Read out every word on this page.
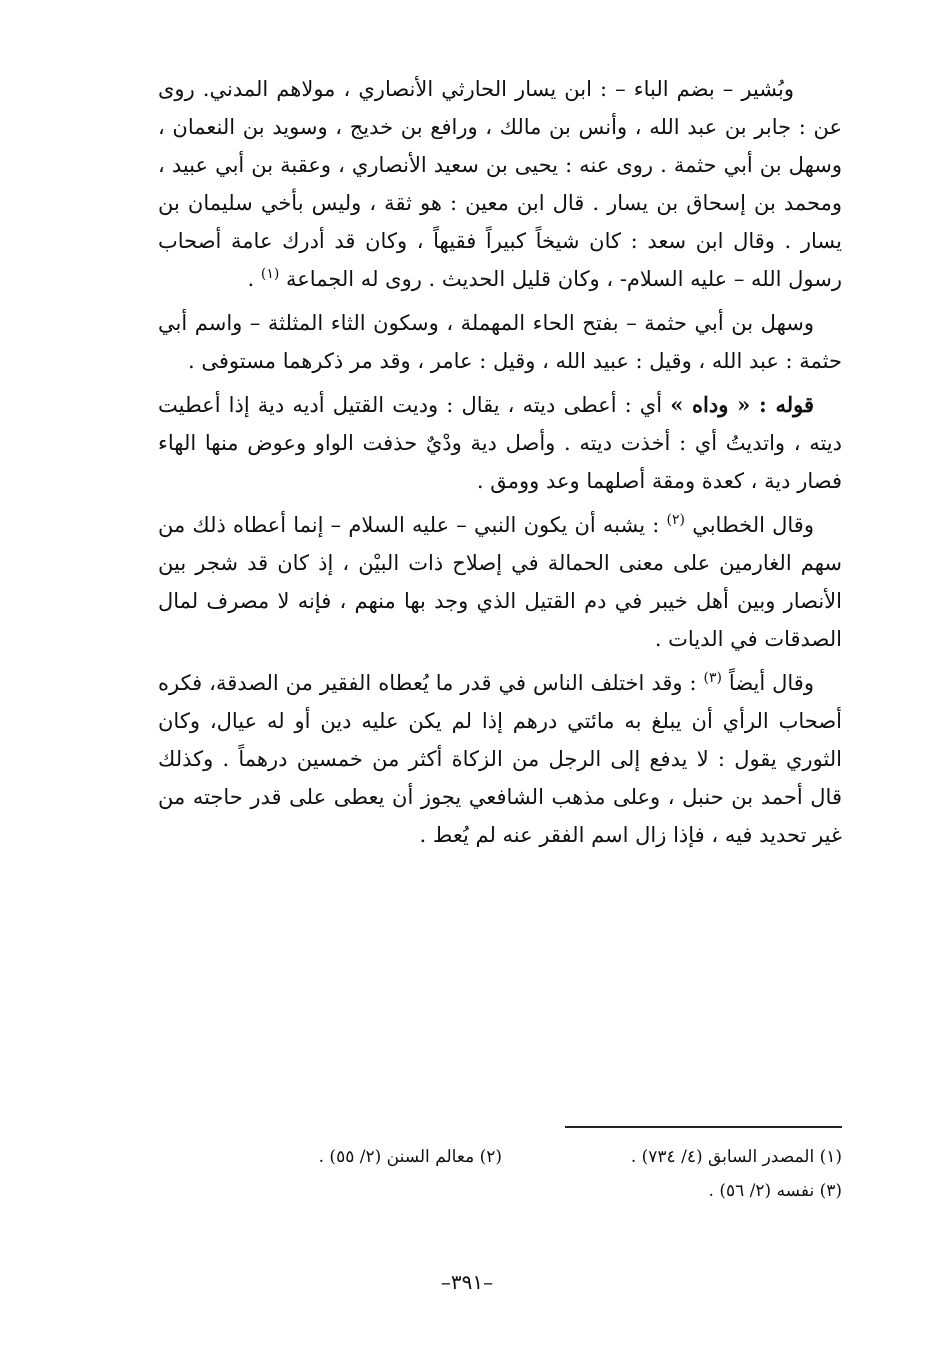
وبُشير – بضم الباء – : ابن يسار الحارثي الأنصاري ، مولاهم المدني. روى عن : جابر بن عبد الله ، وأنس بن مالك ، ورافع بن خديج ، وسويد بن النعمان ، وسهل بن أبي حثمة . روى عنه : يحيى بن سعيد الأنصاري ، وعقبة بن أبي عبيد ، ومحمد بن إسحاق بن يسار . قال ابن معين : هو ثقة ، وليس بأخي سليمان بن يسار . وقال ابن سعد : كان شيخاً كبيراً فقيهاً ، وكان قد أدرك عامة أصحاب رسول الله – عليه السلام- ، وكان قليل الحديث . روى له الجماعة $^{(١)}$ .

وسهل بن أبي حثمة – بفتح الحاء المهملة ، وسكون الثاء المثلثة – واسم أبي حثمة : عبد الله ، وقيل : عبيد الله ، وقيل : عامر ، وقد مر ذكرهما مستوفى .

قوله : « وداه » أي : أعطى ديته ، يقال : وديت القتيل أديه دية إذا أعطيت ديته ، واتديتُ أي : أخذت ديته . وأصل دية ودْيٌ حذفت الواو وعوض منها الهاء فصار دية ، كعدة ومقة أصلهما وعد وومق .

وقال الخطابي $^{(٢)}$ : يشبه أن يكون النبي – عليه السلام – إنما أعطاه ذلك من سهم الغارمين على معنى الحمالة في إصلاح ذات البيْن ، إذ كان قد شجر بين الأنصار وبين أهل خيبر في دم القتيل الذي وجد بها منهم ، فإنه لا مصرف لمال الصدقات في الديات .

وقال أيضاً $^{(٣)}$ : وقد اختلف الناس في قدر ما يُعطاه الفقير من الصدقة، فكره أصحاب الرأي أن يبلغ به مائتي درهم إذا لم يكن عليه دين أو له عيال، وكان الثوري يقول : لا يدفع إلى الرجل من الزكاة أكثر من خمسين درهماً . وكذلك قال أحمد بن حنبل ، وعلى مذهب الشافعي يجوز أن يعطى على قدر حاجته من غير تحديد فيه ، فإذا زال اسم الفقر عنه لم يُعط .

(١) المصدر السابق (٤/ ٧٣٤) .
(٢) معالم السنن (٢/ ٥٥) .
(٣) نفسه (٢/ ٥٦) .
–٣٩١–
